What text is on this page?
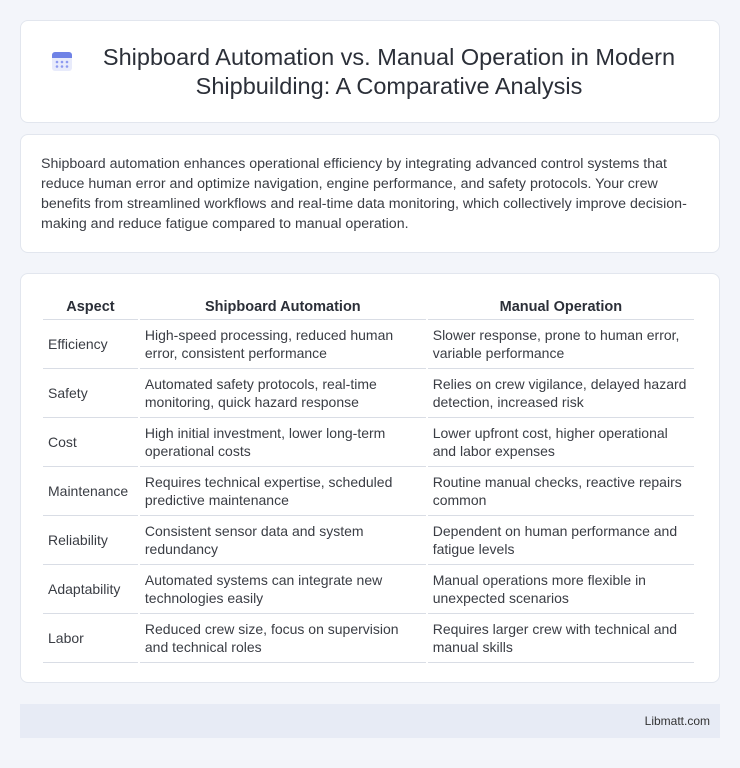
Shipboard Automation vs. Manual Operation in Modern Shipbuilding: A Comparative Analysis

Shipboard automation enhances operational efficiency by integrating advanced control systems that reduce human error and optimize navigation, engine performance, and safety protocols. Your crew benefits from streamlined workflows and real-time data monitoring, which collectively improve decision-making and reduce fatigue compared to manual operation.

Aspect	Shipboard Automation	Manual Operation
Efficiency	High-speed processing, reduced human error, consistent performance	Slower response, prone to human error, variable performance
Safety	Automated safety protocols, real-time monitoring, quick hazard response	Relies on crew vigilance, delayed hazard detection, increased risk
Cost	High initial investment, lower long-term operational costs	Lower upfront cost, higher operational and labor expenses
Maintenance	Requires technical expertise, scheduled predictive maintenance	Routine manual checks, reactive repairs common
Reliability	Consistent sensor data and system redundancy	Dependent on human performance and fatigue levels
Adaptability	Automated systems can integrate new technologies easily	Manual operations more flexible in unexpected scenarios
Labor	Reduced crew size, focus on supervision and technical roles	Requires larger crew with technical and manual skills
Libmatt.com
